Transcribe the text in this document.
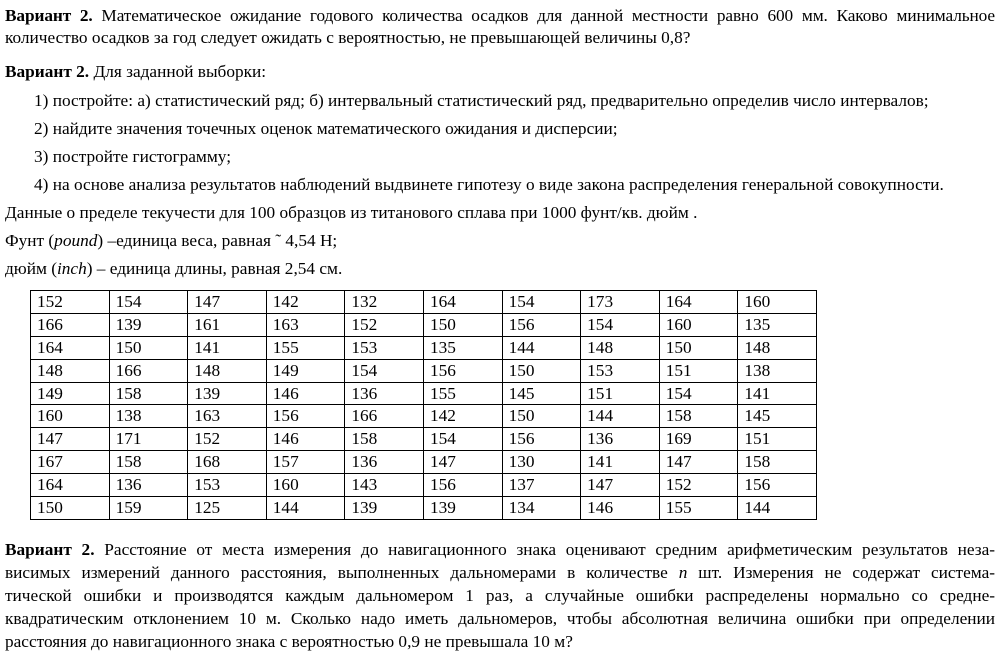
Вариант 2. Математическое ожидание годового количества осадков для данной местности равно 600 мм. Каково минимальное
количество осадков за год следует ожидать с вероятностью, не превышающей величины 0,8?
Вариант 2. Для заданной выборки:
1) постройте: а) статистический ряд; б) интервальный статистический ряд, предварительно определив число интервалов;
2) найдите значения точечных оценок математического ожидания и дисперсии;
3) постройте гистограмму;
4) на основе анализа результатов наблюдений выдвинете гипотезу о виде закона распределения генеральной совокупности.
Данные о пределе текучести для 100 образцов из титанового сплава при 1000 фунт/кв. дюйм .
Фунт (pound) –единица веса, равная ˜ 4,54 Н;
дюйм (inch) – единица длины, равная 2,54 см.
152	154	147	142	132	164	154	173	164	160
166	139	161	163	152	150	156	154	160	135
164	150	141	155	153	135	144	148	150	148
148	166	148	149	154	156	150	153	151	138
149	158	139	146	136	155	145	151	154	141
160	138	163	156	166	142	150	144	158	145
147	171	152	146	158	154	156	136	169	151
167	158	168	157	136	147	130	141	147	158
164	136	153	160	143	156	137	147	152	156
150	159	125	144	139	139	134	146	155	144
Вариант 2. Расстояние от места измерения до навигационного знака оценивают средним арифметическим результатов неза-
висимых измерений данного расстояния, выполненных дальномерами в количестве n шт. Измерения не содержат система-
тической ошибки и производятся каждым дальномером 1 раз, а случайные ошибки распределены нормально со средне-
квадратическим отклонением 10 м. Сколько надо иметь дальномеров, чтобы абсолютная величина ошибки при определении
расстояния до навигационного знака с вероятностью 0,9 не превышала 10 м?
